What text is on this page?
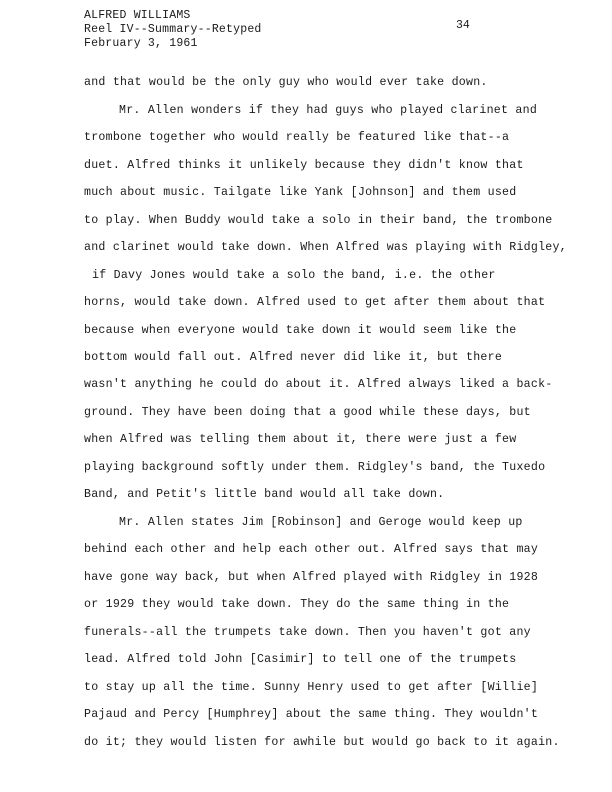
ALFRED WILLIAMS
Reel IV--Summary--Retyped
February 3, 1961
34
and that would be the only guy who would ever take down.
Mr. Allen wonders if they had guys who played clarinet and
trombone together who would really be featured like that--a
duet. Alfred thinks it unlikely because they didn't know that
much about music. Tailgate like Yank [Johnson] and them used
to play. When Buddy would take a solo in their band, the trombone
and clarinet would take down. When Alfred was playing with Ridgley,
if Davy Jones would take a solo the band, i.e. the other
horns, would take down. Alfred used to get after them about that
because when everyone would take down it would seem like the
bottom would fall out. Alfred never did like it, but there
wasn't anything he could do about it. Alfred always liked a back-
ground. They have been doing that a good while these days, but
when Alfred was telling them about it, there were just a few
playing background softly under them. Ridgley's band, the Tuxedo
Band, and Petit's little band would all take down.
Mr. Allen states Jim [Robinson] and Geroge would keep up
behind each other and help each other out. Alfred says that may
have gone way back, but when Alfred played with Ridgley in 1928
or 1929 they would take down. They do the same thing in the
funerals--all the trumpets take down. Then you haven't got any
lead. Alfred told John [Casimir] to tell one of the trumpets
to stay up all the time. Sunny Henry used to get after [Willie]
Pajaud and Percy [Humphrey] about the same thing. They wouldn't
do it; they would listen for awhile but would go back to it again.
